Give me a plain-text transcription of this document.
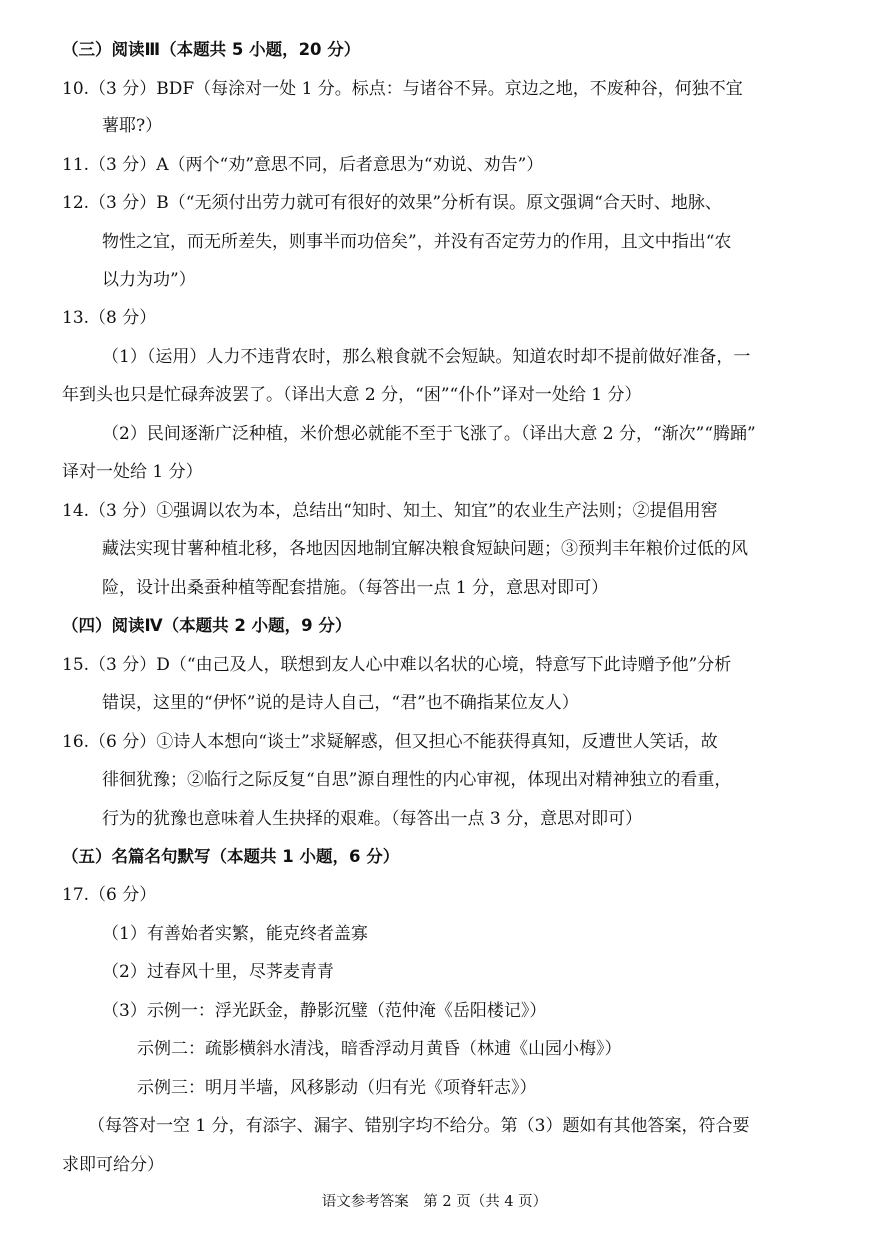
（三）阅读Ⅲ（本题共 5 小题，20 分）
10.（3 分）BDF（每涂对一处 1 分。标点：与诸谷不异。京边之地，不废种谷，何独不宜
薯耶?）
11.（3 分）A（两个“劝”意思不同，后者意思为“劝说、劝告”）
12.（3 分）B（“无须付出劳力就可有很好的效果”分析有误。原文强调“合天时、地脉、
物性之宜，而无所差失，则事半而功倍矣”，并没有否定劳力的作用，且文中指出“农
以力为功”）
13.（8 分）
（1）（运用）人力不违背农时，那么粮食就不会短缺。知道农时却不提前做好准备，一
年到头也只是忙碌奔波罢了。（译出大意 2 分，“困”“仆仆”译对一处给 1 分）
（2）民间逐渐广泛种植，米价想必就能不至于飞涨了。（译出大意 2 分，“渐次”“腾踊”
译对一处给 1 分）
14.（3 分）①强调以农为本，总结出“知时、知土、知宜”的农业生产法则；②提倡用窖
藏法实现甘薯种植北移，各地因因地制宜解决粮食短缺问题；③预判丰年粮价过低的风
险，设计出桑蚕种植等配套措施。（每答出一点 1 分，意思对即可）
（四）阅读Ⅳ（本题共 2 小题，9 分）
15.（3 分）D（“由己及人，联想到友人心中难以名状的心境，特意写下此诗赠予他”分析
错误，这里的“伊怀”说的是诗人自己，“君”也不确指某位友人）
16.（6 分）①诗人本想向“谈士”求疑解惑，但又担心不能获得真知，反遭世人笑话，故
徘徊犹豫；②临行之际反复“自思”源自理性的内心审视，体现出对精神独立的看重，
行为的犹豫也意味着人生抉择的艰难。（每答出一点 3 分，意思对即可）
（五）名篇名句默写（本题共 1 小题，6 分）
17.（6 分）
（1）有善始者实繁，能克终者盖寡
（2）过春风十里，尽荠麦青青
（3）示例一：浮光跃金，静影沉璧（范仲淹《岳阳楼记》）
示例二：疏影横斜水清浅，暗香浮动月黄昏（林逋《山园小梅》）
示例三：明月半墙，风移影动（归有光《项脊轩志》）
（每答对一空 1 分，有添字、漏字、错别字均不给分。第（3）题如有其他答案，符合要
求即可给分）
语文参考答案　第 2 页（共 4 页）
